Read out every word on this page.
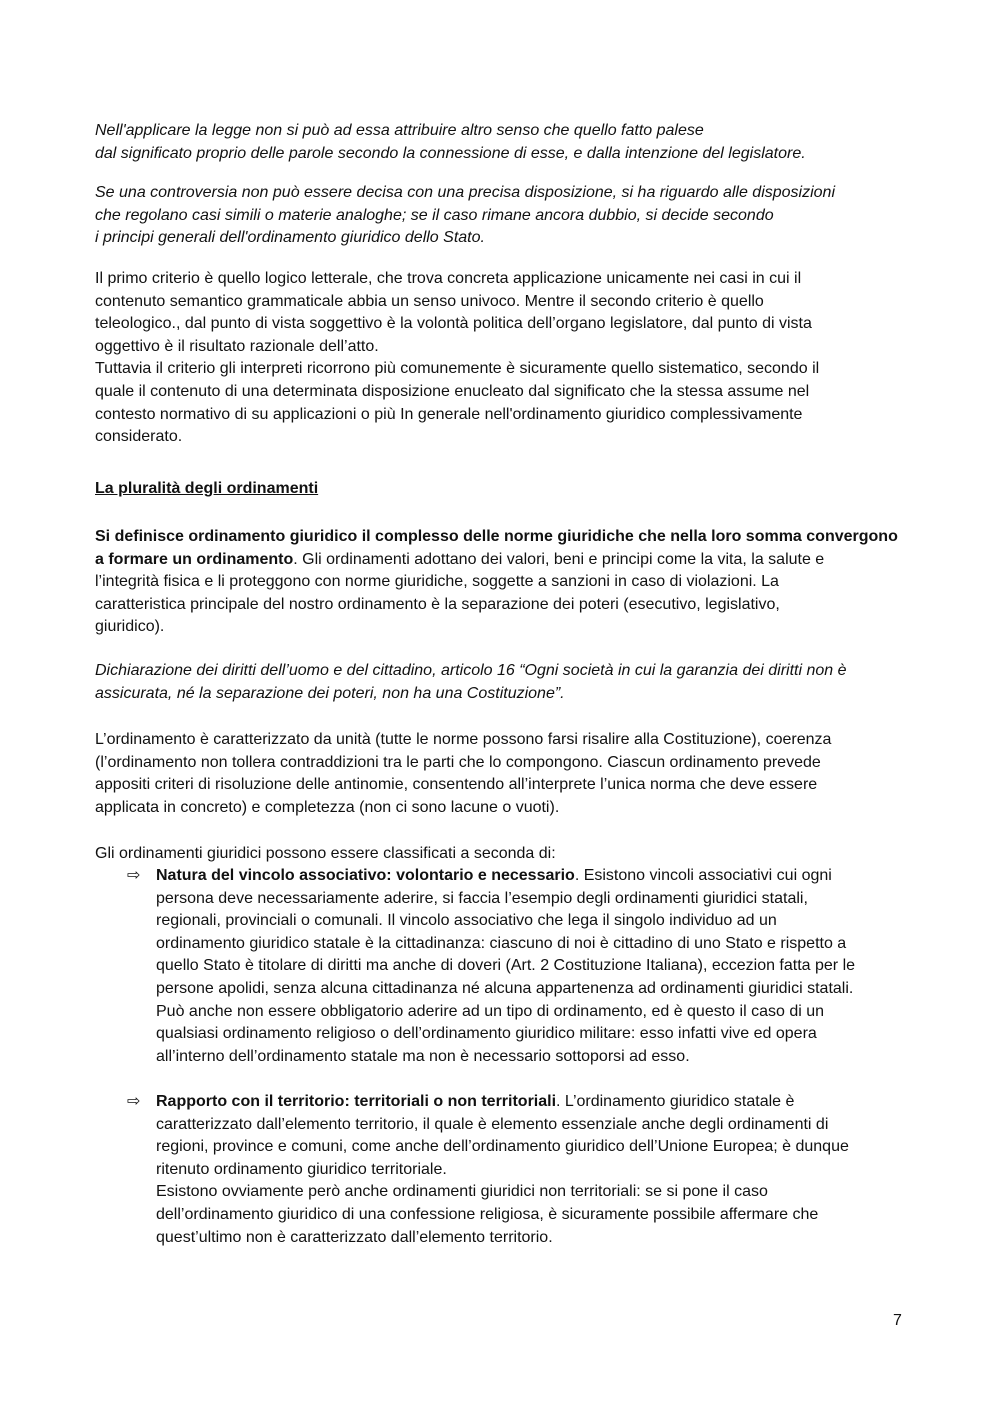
Nell'applicare la legge non si può ad essa attribuire altro senso che quello fatto palese
dal significato proprio delle parole secondo la connessione di esse, e dalla intenzione del legislatore.
Se una controversia non può essere decisa con una precisa disposizione, si ha riguardo alle disposizioni
che regolano casi simili o materie analoghe; se il caso rimane ancora dubbio, si decide secondo
i principi generali dell'ordinamento giuridico dello Stato.
Il primo criterio è quello logico letterale, che trova concreta applicazione unicamente nei casi in cui il
contenuto semantico grammaticale abbia un senso univoco. Mentre il secondo criterio è quello
teleologico., dal punto di vista soggettivo è la volontà politica dell’organo legislatore, dal punto di vista
oggettivo è il risultato razionale dell’atto.
Tuttavia il criterio gli interpreti ricorrono più comunemente è sicuramente quello sistematico, secondo il
quale il contenuto di una determinata disposizione enucleato dal significato che la stessa assume nel
contesto normativo di su applicazioni o più In generale nell'ordinamento giuridico complessivamente
considerato.
La pluralità degli ordinamenti
Si definisce ordinamento giuridico il complesso delle norme giuridiche che nella loro somma convergono
a formare un ordinamento. Gli ordinamenti adottano dei valori, beni e principi come la vita, la salute e
l’integrità fisica e li proteggono con norme giuridiche, soggette a sanzioni in caso di violazioni. La
caratteristica principale del nostro ordinamento è la separazione dei poteri (esecutivo, legislativo,
giuridico).
Dichiarazione dei diritti dell’uomo e del cittadino, articolo 16 “Ogni società in cui la garanzia dei diritti non è
assicurata, né la separazione dei poteri, non ha una Costituzione”.
L’ordinamento è caratterizzato da unità (tutte le norme possono farsi risalire alla Costituzione), coerenza
(l’ordinamento non tollera contraddizioni tra le parti che lo compongono. Ciascun ordinamento prevede
appositi criteri di risoluzione delle antinomie, consentendo all’interprete l’unica norma che deve essere
applicata in concreto) e completezza (non ci sono lacune o vuoti).
Gli ordinamenti giuridici possono essere classificati a seconda di:
⇨ Natura del vincolo associativo: volontario e necessario. Esistono vincoli associativi cui ogni
persona deve necessariamente aderire, si faccia l’esempio degli ordinamenti giuridici statali,
regionali, provinciali o comunali. Il vincolo associativo che lega il singolo individuo ad un
ordinamento giuridico statale è la cittadinanza: ciascuno di noi è cittadino di uno Stato e rispetto a
quello Stato è titolare di diritti ma anche di doveri (Art. 2 Costituzione Italiana), eccezion fatta per le
persone apolidi, senza alcuna cittadinanza né alcuna appartenenza ad ordinamenti giuridici statali.
Può anche non essere obbligatorio aderire ad un tipo di ordinamento, ed è questo il caso di un
qualsiasi ordinamento religioso o dell’ordinamento giuridico militare: esso infatti vive ed opera
all’interno dell’ordinamento statale ma non è necessario sottoporsi ad esso.
⇨ Rapporto con il territorio: territoriali o non territoriali. L’ordinamento giuridico statale è
caratterizzato dall’elemento territorio, il quale è elemento essenziale anche degli ordinamenti di
regioni, province e comuni, come anche dell’ordinamento giuridico dell’Unione Europea; è dunque
ritenuto ordinamento giuridico territoriale.
Esistono ovviamente però anche ordinamenti giuridici non territoriali: se si pone il caso
dell’ordinamento giuridico di una confessione religiosa, è sicuramente possibile affermare che
quest’ultimo non è caratterizzato dall’elemento territorio.
7
